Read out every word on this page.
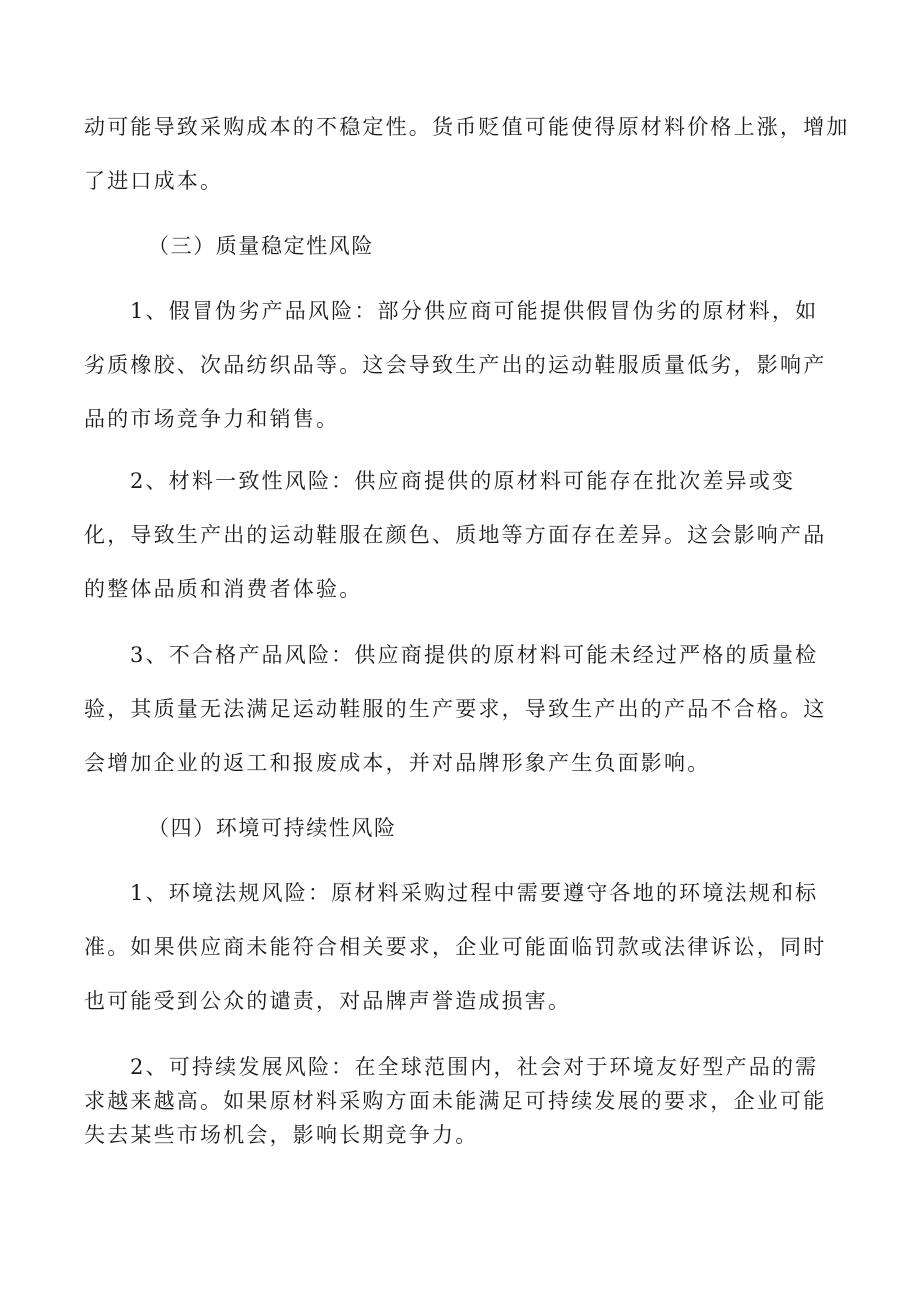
动可能导致采购成本的不稳定性。货币贬值可能使得原材料价格上涨，增加
了进口成本。
（三）质量稳定性风险
1、假冒伪劣产品风险：部分供应商可能提供假冒伪劣的原材料，如
劣质橡胶、次品纺织品等。这会导致生产出的运动鞋服质量低劣，影响产
品的市场竞争力和销售。
2、材料一致性风险：供应商提供的原材料可能存在批次差异或变
化，导致生产出的运动鞋服在颜色、质地等方面存在差异。这会影响产品
的整体品质和消费者体验。
3、不合格产品风险：供应商提供的原材料可能未经过严格的质量检
验，其质量无法满足运动鞋服的生产要求，导致生产出的产品不合格。这
会增加企业的返工和报废成本，并对品牌形象产生负面影响。
（四）环境可持续性风险
1、环境法规风险：原材料采购过程中需要遵守各地的环境法规和标
准。如果供应商未能符合相关要求，企业可能面临罚款或法律诉讼，同时
也可能受到公众的谴责，对品牌声誉造成损害。
2、可持续发展风险：在全球范围内，社会对于环境友好型产品的需
求越来越高。如果原材料采购方面未能满足可持续发展的要求，企业可能
失去某些市场机会，影响长期竞争力。
